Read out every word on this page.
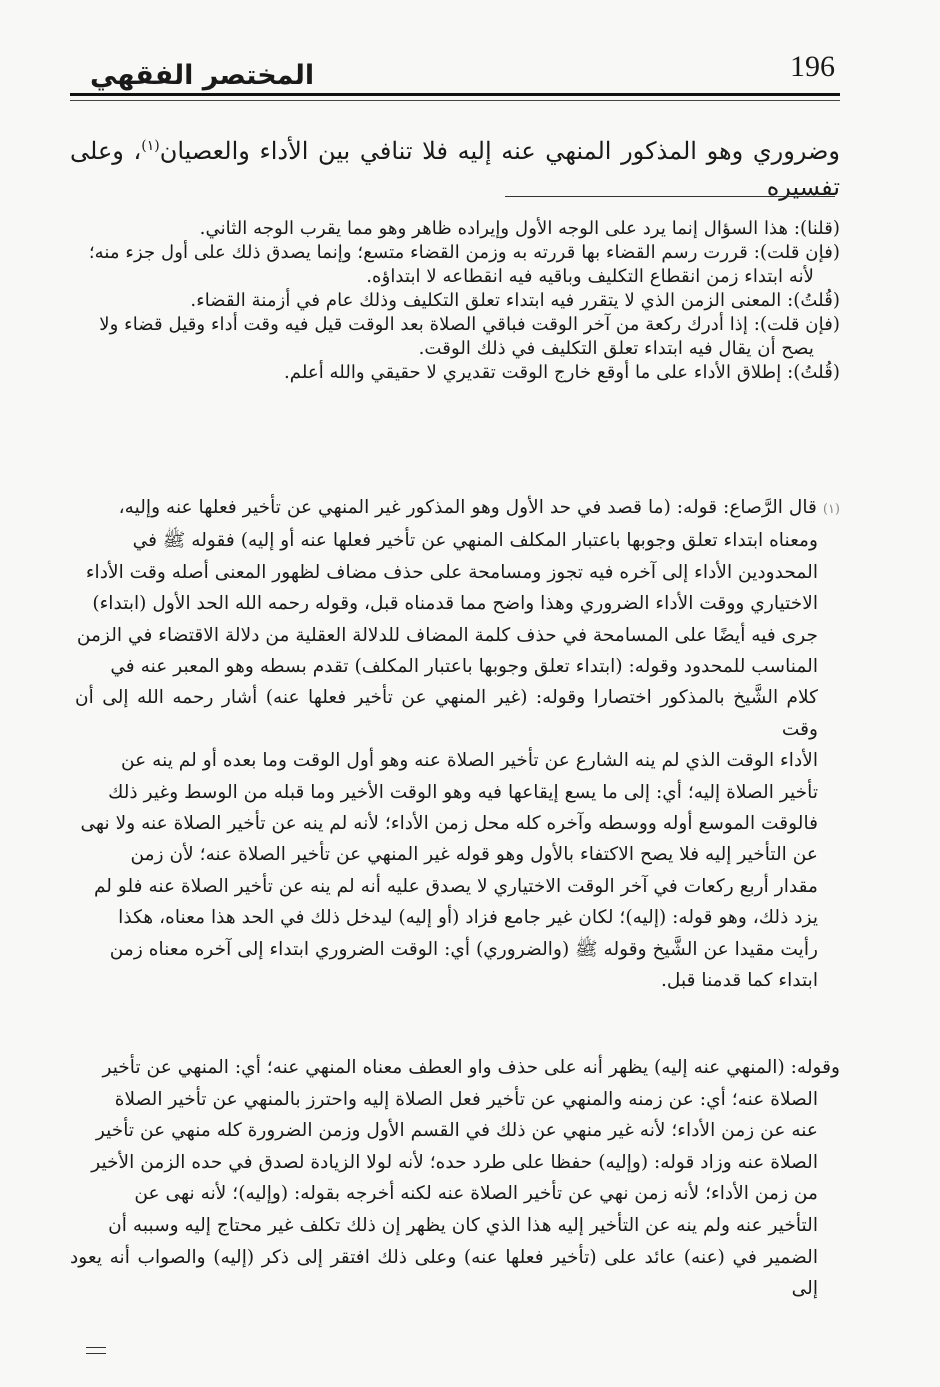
196
المختصر الفقهي
وضروري وهو المذكور المنهي عنه إليه فلا تنافي بين الأداء والعصيان$^{(١)}$، وعلى تفسيره

(قلنا): هذا السؤال إنما يرد على الوجه الأول وإيراده ظاهر وهو مما يقرب الوجه الثاني.

(فإن قلت): قررت رسم القضاء بها قررته به وزمن القضاء متسع؛ وإنما يصدق ذلك على أول جزء منه؛

لأنه ابتداء زمن انقطاع التكليف وباقيه فيه انقطاعه لا ابتداؤه.

(قُلتُ): المعنى الزمن الذي لا يتقرر فيه ابتداء تعلق التكليف وذلك عام في أزمنة القضاء.

(فإن قلت): إذا أدرك ركعة من آخر الوقت فباقي الصلاة بعد الوقت قيل فيه وقت أداء وقيل قضاء ولا

يصح أن يقال فيه ابتداء تعلق التكليف في ذلك الوقت.

(قُلتُ): إطلاق الأداء على ما أوقع خارج الوقت تقديري لا حقيقي والله أعلم.

(١) قال الرَّصاع: قوله: (ما قصد في حد الأول وهو المذكور غير المنهي عن تأخير فعلها عنه وإليه،

ومعناه ابتداء تعلق وجوبها باعتبار المكلف المنهي عن تأخير فعلها عنه أو إليه) فقوله ﷺ في

المحدودين الأداء إلى آخره فيه تجوز ومسامحة على حذف مضاف لظهور المعنى أصله وقت الأداء

الاختياري ووقت الأداء الضروري وهذا واضح مما قدمناه قبل، وقوله رحمه الله الحد الأول (ابتداء)

جرى فيه أيضًا على المسامحة في حذف كلمة المضاف للدلالة العقلية من دلالة الاقتضاء في الزمن

المناسب للمحدود وقوله: (ابتداء تعلق وجوبها باعتبار المكلف) تقدم بسطه وهو المعبر عنه في

كلام الشَّيخ بالمذكور اختصارا وقوله: (غير المنهي عن تأخير فعلها عنه) أشار رحمه الله إلى أن وقت

الأداء الوقت الذي لم ينه الشارع عن تأخير الصلاة عنه وهو أول الوقت وما بعده أو لم ينه عن

تأخير الصلاة إليه؛ أي: إلى ما يسع إيقاعها فيه وهو الوقت الأخير وما قبله من الوسط وغير ذلك

فالوقت الموسع أوله ووسطه وآخره كله محل زمن الأداء؛ لأنه لم ينه عن تأخير الصلاة عنه ولا نهى

عن التأخير إليه فلا يصح الاكتفاء بالأول وهو قوله غير المنهي عن تأخير الصلاة عنه؛ لأن زمن

مقدار أربع ركعات في آخر الوقت الاختياري لا يصدق عليه أنه لم ينه عن تأخير الصلاة عنه فلو لم

يزد ذلك، وهو قوله: (إليه)؛ لكان غير جامع فزاد (أو إليه) ليدخل ذلك في الحد هذا معناه، هكذا

رأيت مقيدا عن الشَّيخ وقوله ﷺ (والضروري) أي: الوقت الضروري ابتداء إلى آخره معناه زمن

ابتداء كما قدمنا قبل.

وقوله: (المنهي عنه إليه) يظهر أنه على حذف واو العطف معناه المنهي عنه؛ أي: المنهي عن تأخير

الصلاة عنه؛ أي: عن زمنه والمنهي عن تأخير فعل الصلاة إليه واحترز بالمنهي عن تأخير الصلاة

عنه عن زمن الأداء؛ لأنه غير منهي عن ذلك في القسم الأول وزمن الضرورة كله منهي عن تأخير

الصلاة عنه وزاد قوله: (وإليه) حفظا على طرد حده؛ لأنه لولا الزيادة لصدق في حده الزمن الأخير

من زمن الأداء؛ لأنه زمن نهي عن تأخير الصلاة عنه لكنه أخرجه بقوله: (وإليه)؛ لأنه نهى عن

التأخير عنه ولم ينه عن التأخير إليه هذا الذي كان يظهر إن ذلك تكلف غير محتاج إليه وسببه أن

الضمير في (عنه) عائد على (تأخير فعلها عنه) وعلى ذلك افتقر إلى ذكر (إليه) والصواب أنه يعود إلى
